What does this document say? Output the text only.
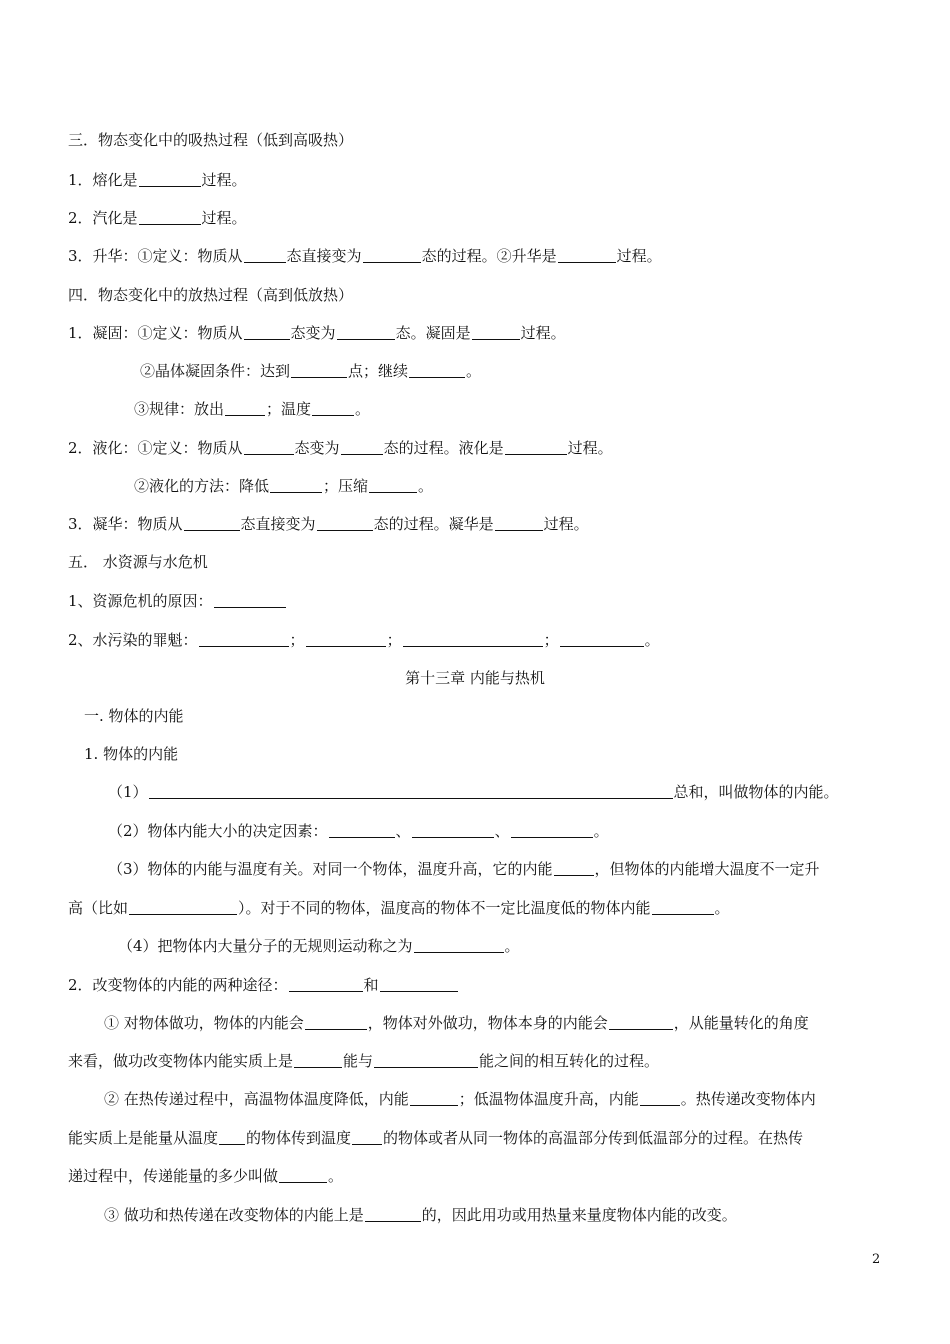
三．物态变化中的吸热过程（低到高吸热）
1．熔化是	过程。
2．汽化是	过程。
3．升华：①定义：物质从	态直接变为	态的过程。②升华是	过程。
四．物态变化中的放热过程（高到低放热）
1．凝固：①定义：物质从	态变为	态。凝固是	过程。
②晶体凝固条件：达到	点；继续	。
③规律：放出	；温度	。
2．液化：①定义：物质从	态变为	态的过程。液化是	过程。
②液化的方法：降低	；压缩	。
3．凝华：物质从	态直接变为	态的过程。凝华是	过程。
五． 水资源与水危机
1、资源危机的原因：
2、水污染的罪魁：	；	；	；	。
第十三章 内能与热机
一. 物体的内能
1. 物体的内能
（1）	总和，叫做物体的内能。
（2）物体内能大小的决定因素：	、	、	。
（3）物体的内能与温度有关。对同一个物体，温度升高，它的内能	，但物体的内能增大温度不一定升
高（比如	）。对于不同的物体，温度高的物体不一定比温度低的物体内能	。
（4）把物体内大量分子的无规则运动称之为	。
2．改变物体的内能的两种途径：	和
① 对物体做功，物体的内能会	，物体对外做功，物体本身的内能会	，从能量转化的角度
来看，做功改变物体内能实质上是	能与	能之间的相互转化的过程。
② 在热传递过程中，高温物体温度降低，内能	；低温物体温度升高，内能	。热传递改变物体内
能实质上是能量从温度 的物体传到温度 的物体或者从同一物体的高温部分传到低温部分的过程。在热传
递过程中，传递能量的多少叫做	。
③ 做功和热传递在改变物体的内能上是	的，因此用功或用热量来量度物体内能的改变。
2
